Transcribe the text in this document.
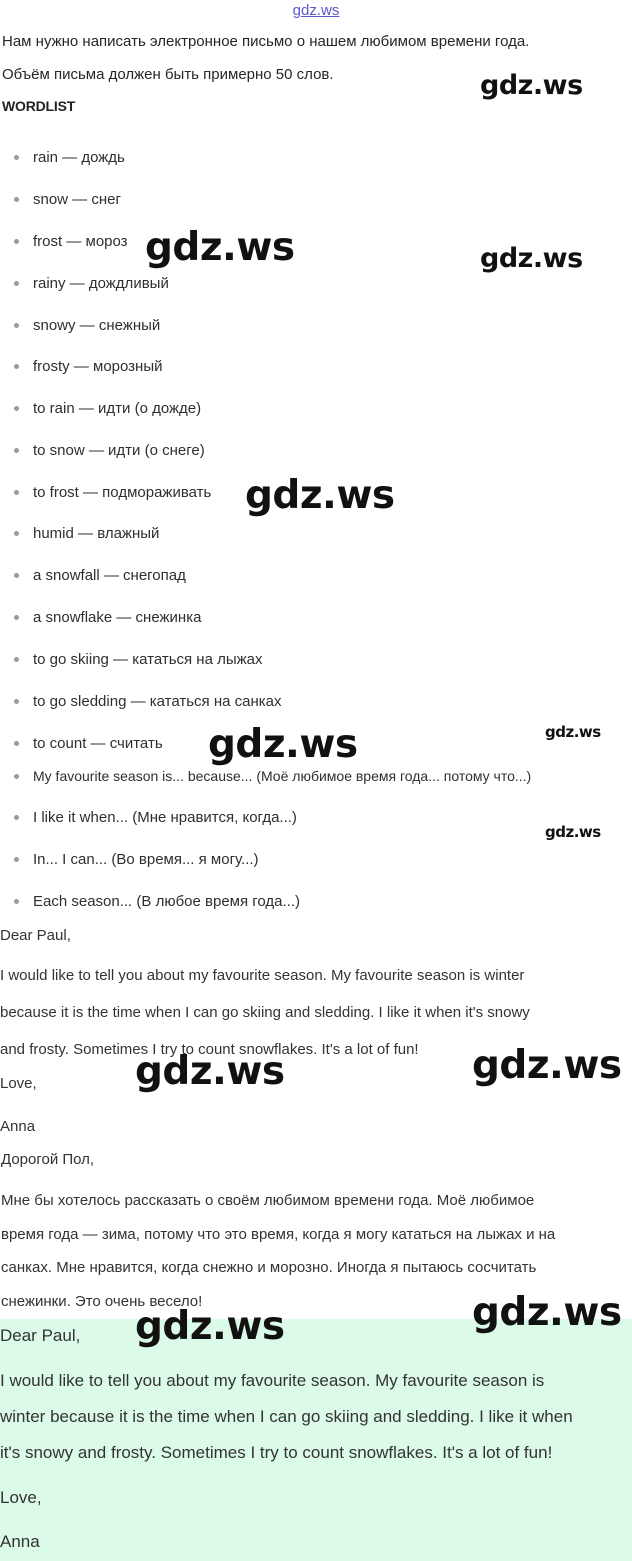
gdz.ws
Нам нужно написать электронное письмо о нашем любимом времени года.
Объём письма должен быть примерно 50 слов.
WORDLIST
rain — дождь
snow — снег
frost — мороз
rainy — дождливый
snowy — снежный
frosty — морозный
to rain — идти (о дожде)
to snow — идти (о снеге)
to frost — подмораживать
humid — влажный
a snowfall — снегопад
a snowflake — снежинка
to go skiing — кататься на лыжах
to go sledding — кататься на санках
to count — считать
My favourite season is... because... (Моё любимое время года... потому что...)
I like it when... (Мне нравится, когда...)
In... I can... (Во время... я могу...)
Each season... (В любое время года...)
Dear Paul,
I would like to tell you about my favourite season. My favourite season is winter
because it is the time when I can go skiing and sledding. I like it when it's snowy
and frosty. Sometimes I try to count snowflakes. It's a lot of fun!
Love,
Anna
Дорогой Пол,
Мне бы хотелось рассказать о своём любимом времени года. Моё любимое
время года — зима, потому что это время, когда я могу кататься на лыжах и на
санках. Мне нравится, когда снежно и морозно. Иногда я пытаюсь сосчитать
снежинки. Это очень весело!
Dear Paul,
I would like to tell you about my favourite season. My favourite season is
winter because it is the time when I can go skiing and sledding. I like it when
it's snowy and frosty. Sometimes I try to count snowflakes. It's a lot of fun!
Love,
Anna
gdz.ws
gdz.ws	gdz.ws
gdz.ws
gdz.ws	gdz.ws
gdz.ws
gdz.ws	gdz.ws
gdz.ws
gdz.ws
